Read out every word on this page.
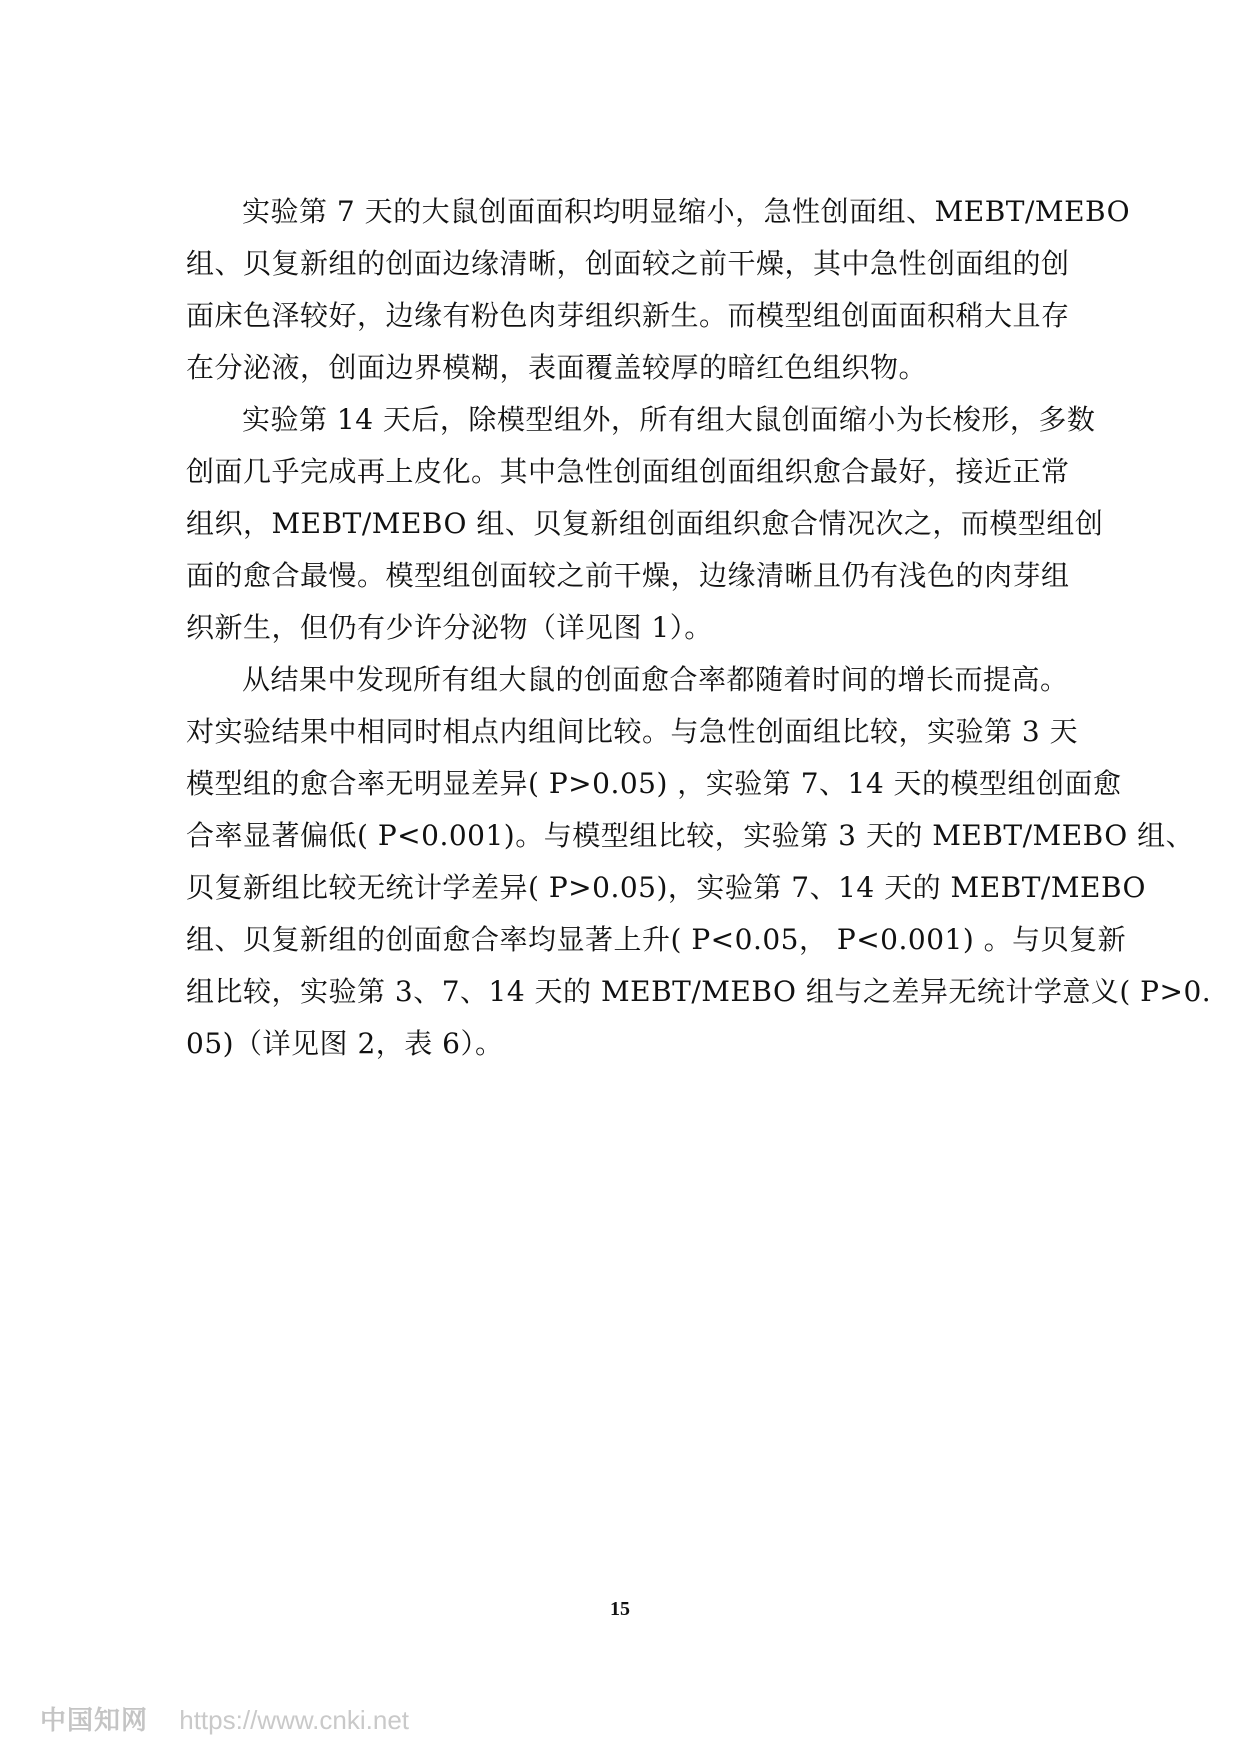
实验第 7 天的大鼠创面面积均明显缩小，急性创面组、MEBT/MEBO
组、贝复新组的创面边缘清晰，创面较之前干燥，其中急性创面组的创
面床色泽较好，边缘有粉色肉芽组织新生。而模型组创面面积稍大且存
在分泌液，创面边界模糊，表面覆盖较厚的暗红色组织物。

实验第 14 天后，除模型组外，所有组大鼠创面缩小为长梭形，多数
创面几乎完成再上皮化。其中急性创面组创面组织愈合最好，接近正常
组织，MEBT/MEBO 组、贝复新组创面组织愈合情况次之，而模型组创
面的愈合最慢。模型组创面较之前干燥，边缘清晰且仍有浅色的肉芽组
织新生，但仍有少许分泌物（详见图 1）。

从结果中发现所有组大鼠的创面愈合率都随着时间的增长而提高。
对实验结果中相同时相点内组间比较。与急性创面组比较，实验第 3 天
模型组的愈合率无明显差异( P>0.05) ，实验第 7、14 天的模型组创面愈
合率显著偏低( P<0.001)。与模型组比较，实验第 3 天的 MEBT/MEBO 组、
贝复新组比较无统计学差异( P>0.05)，实验第 7、14 天的 MEBT/MEBO
组、贝复新组的创面愈合率均显著上升( P<0.05， P<0.001) 。与贝复新
组比较，实验第 3、7、14 天的 MEBT/MEBO 组与之差异无统计学意义( P>0.
05)（详见图 2，表 6）。

15
中国知网 https://www.cnki.net
